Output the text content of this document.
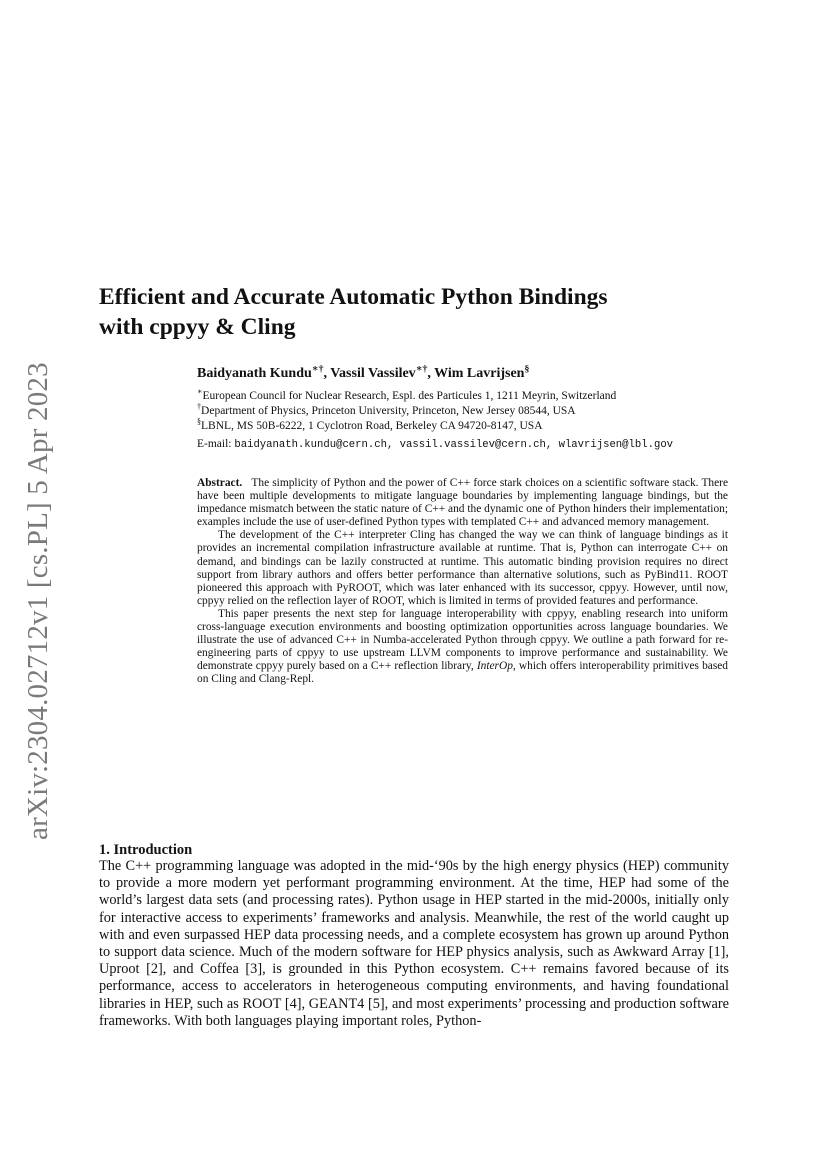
arXiv:2304.02712v1 [cs.PL] 5 Apr 2023
Efficient and Accurate Automatic Python Bindings
with cppyy & Cling
Baidyanath Kundu∗†, Vassil Vassilev∗†, Wim Lavrijsen§
∗European Council for Nuclear Research, Espl. des Particules 1, 1211 Meyrin, Switzerland
†Department of Physics, Princeton University, Princeton, New Jersey 08544, USA
§LBNL, MS 50B-6222, 1 Cyclotron Road, Berkeley CA 94720-8147, USA
E-mail: baidyanath.kundu@cern.ch, vassil.vassilev@cern.ch, wlavrijsen@lbl.gov

Abstract. The simplicity of Python and the power of C++ force stark choices on a scientific software stack. There have been multiple developments to mitigate language boundaries by implementing language bindings, but the impedance mismatch between the static nature of C++ and the dynamic one of Python hinders their implementation; examples include the use of user-defined Python types with templated C++ and advanced memory management.

The development of the C++ interpreter Cling has changed the way we can think of language bindings as it provides an incremental compilation infrastructure available at runtime. That is, Python can interrogate C++ on demand, and bindings can be lazily constructed at runtime. This automatic binding provision requires no direct support from library authors and offers better performance than alternative solutions, such as PyBind11. ROOT pioneered this approach with PyROOT, which was later enhanced with its successor, cppyy. However, until now, cppyy relied on the reflection layer of ROOT, which is limited in terms of provided features and performance.

This paper presents the next step for language interoperability with cppyy, enabling research into uniform cross-language execution environments and boosting optimization opportunities across language boundaries. We illustrate the use of advanced C++ in Numba-accelerated Python through cppyy. We outline a path forward for re-engineering parts of cppyy to use upstream LLVM components to improve performance and sustainability. We demonstrate cppyy purely based on a C++ reflection library, InterOp, which offers interoperability primitives based on Cling and Clang-Repl.

1. Introduction
The C++ programming language was adopted in the mid-‘90s by the high energy physics (HEP) community to provide a more modern yet performant programming environment. At the time, HEP had some of the world’s largest data sets (and processing rates). Python usage in HEP started in the mid-2000s, initially only for interactive access to experiments’ frameworks and analysis. Meanwhile, the rest of the world caught up with and even surpassed HEP data processing needs, and a complete ecosystem has grown up around Python to support data science. Much of the modern software for HEP physics analysis, such as Awkward Array [1], Uproot [2], and Coffea [3], is grounded in this Python ecosystem. C++ remains favored because of its performance, access to accelerators in heterogeneous computing environments, and having foundational libraries in HEP, such as ROOT [4], GEANT4 [5], and most experiments’ processing and production software frameworks. With both languages playing important roles, Python-
